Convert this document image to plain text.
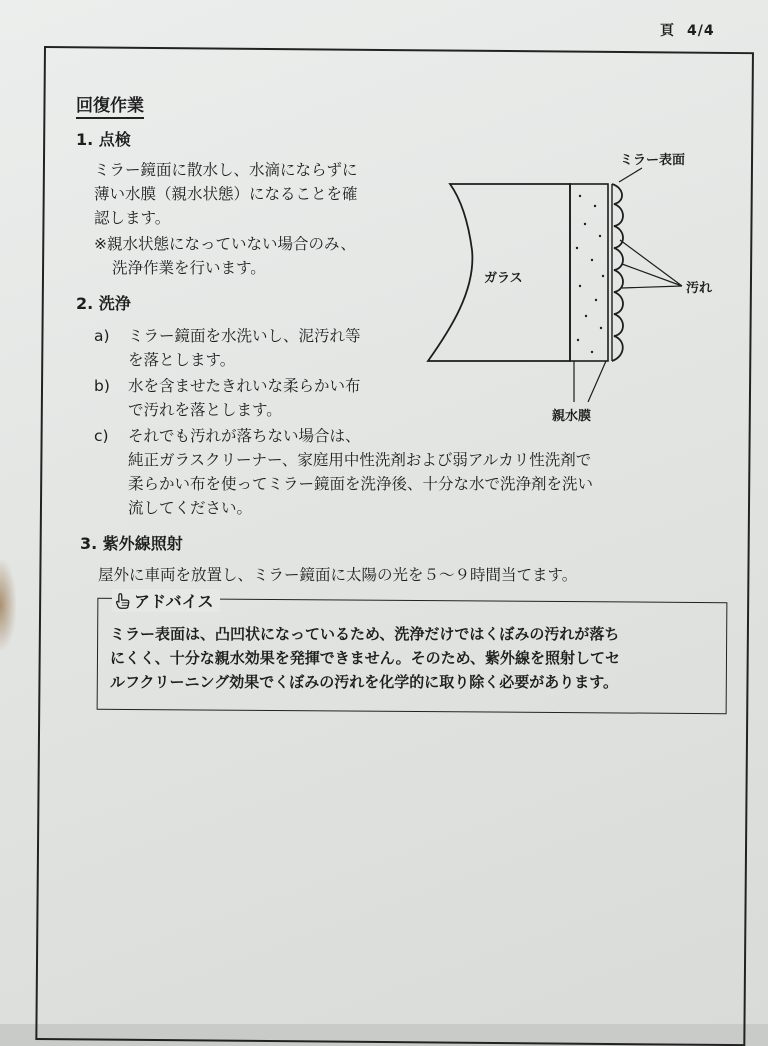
頁 4/4
回復作業
1. 点検
ミラー鏡面に散水し、水滴にならずに
薄い水膜（親水状態）になることを確
認します。
※親水状態になっていない場合のみ、
洗浄作業を行います。
2. 洗浄
a) ミラー鏡面を水洗いし、泥汚れ等
を落とします。
b) 水を含ませたきれいな柔らかい布
で汚れを落とします。
c) それでも汚れが落ちない場合は、
純正ガラスクリーナー、家庭用中性洗剤および弱アルカリ性洗剤で
柔らかい布を使ってミラー鏡面を洗浄後、十分な水で洗浄剤を洗い
流してください。
3. 紫外線照射
屋外に車両を放置し、ミラー鏡面に太陽の光を５～９時間当てます。
アドバイス
ミラー表面は、凸凹状になっているため、洗浄だけではくぼみの汚れが落ち
にくく、十分な親水効果を発揮できません。そのため、紫外線を照射してセ
ルフクリーニング効果でくぼみの汚れを化学的に取り除く必要があります。
ミラー表面
ガラス
汚れ
親水膜
